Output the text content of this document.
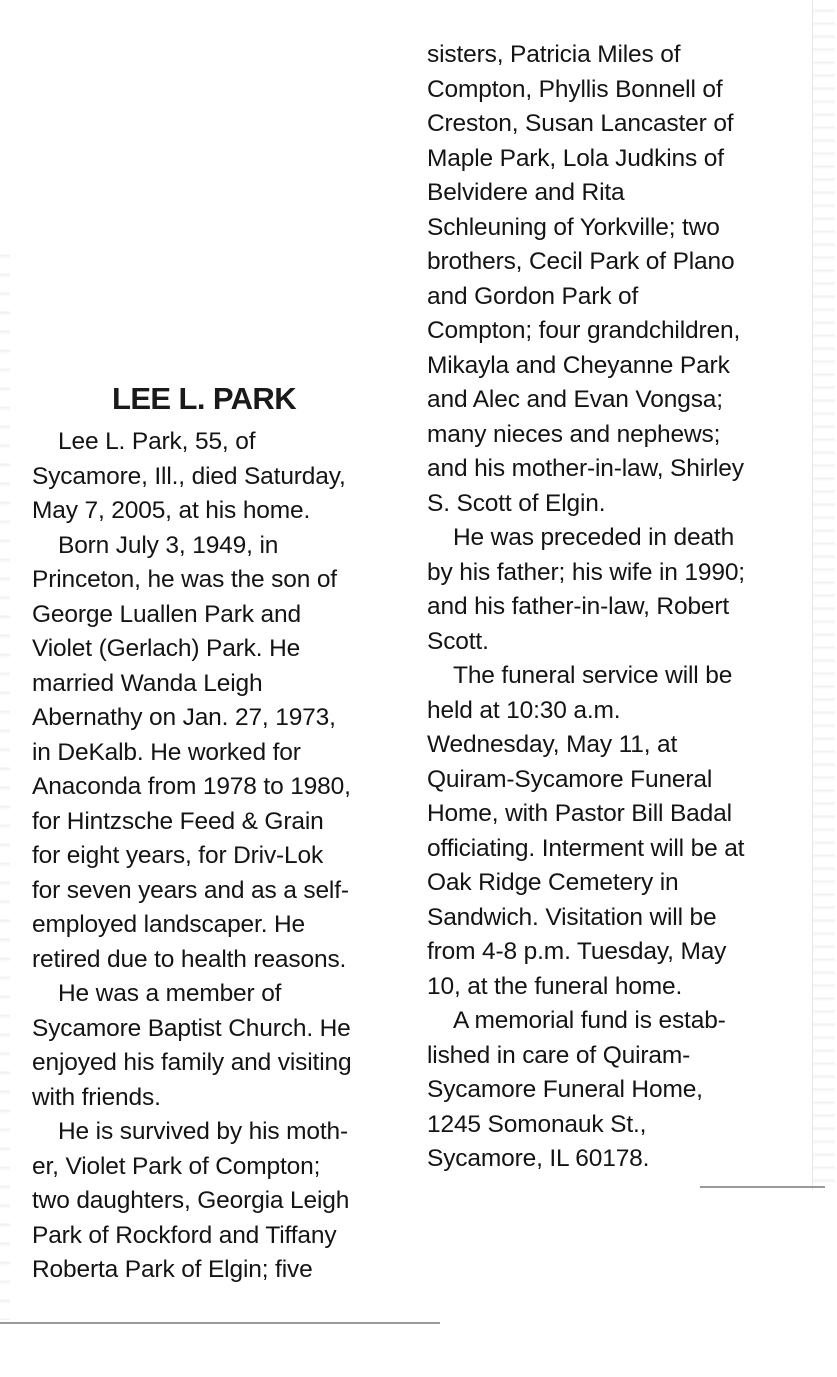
LEE L. PARK
Lee L. Park, 55, of
Sycamore, Ill., died Saturday,
May 7, 2005, at his home.
Born July 3, 1949, in
Princeton, he was the son of
George Luallen Park and
Violet (Gerlach) Park. He
married Wanda Leigh
Abernathy on Jan. 27, 1973,
in DeKalb. He worked for
Anaconda from 1978 to 1980,
for Hintzsche Feed & Grain
for eight years, for Driv-Lok
for seven years and as a self-
employed landscaper. He
retired due to health reasons.
He was a member of
Sycamore Baptist Church. He
enjoyed his family and visiting
with friends.
He is survived by his moth-
er, Violet Park of Compton;
two daughters, Georgia Leigh
Park of Rockford and Tiffany
Roberta Park of Elgin; five
sisters, Patricia Miles of
Compton, Phyllis Bonnell of
Creston, Susan Lancaster of
Maple Park, Lola Judkins of
Belvidere and Rita
Schleuning of Yorkville; two
brothers, Cecil Park of Plano
and Gordon Park of
Compton; four grandchildren,
Mikayla and Cheyanne Park
and Alec and Evan Vongsa;
many nieces and nephews;
and his mother-in-law, Shirley
S. Scott of Elgin.
He was preceded in death
by his father; his wife in 1990;
and his father-in-law, Robert
Scott.
The funeral service will be
held at 10:30 a.m.
Wednesday, May 11, at
Quiram-Sycamore Funeral
Home, with Pastor Bill Badal
officiating. Interment will be at
Oak Ridge Cemetery in
Sandwich. Visitation will be
from 4-8 p.m. Tuesday, May
10, at the funeral home.
A memorial fund is estab-
lished in care of Quiram-
Sycamore Funeral Home,
1245 Somonauk St.,
Sycamore, IL 60178.
